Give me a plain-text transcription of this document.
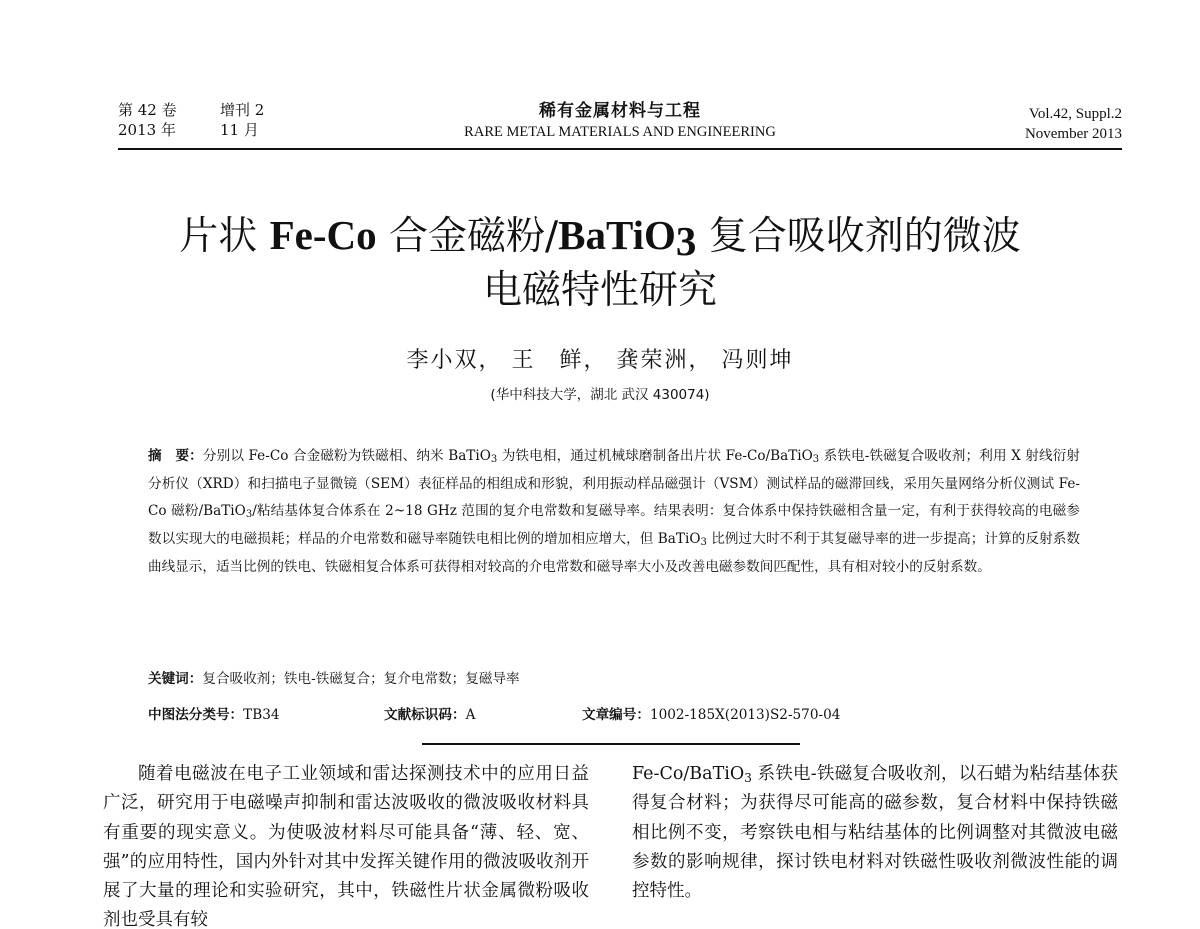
第 42 卷	增刊 2
2013 年	11 月
稀有金属材料与工程
RARE METAL MATERIALS AND ENGINEERING
Vol.42, Suppl.2
November 2013
片状 Fe-Co 合金磁粉/BaTiO$_3$ 复合吸收剂的微波
电磁特性研究
李小双， 王　鲜， 龚荣洲， 冯则坤
(华中科技大学，湖北 武汉 430074)
摘　要：分别以 Fe-Co 合金磁粉为铁磁相、纳米 BaTiO$_3$ 为铁电相，通过机械球磨制备出片状 Fe-Co/BaTiO$_3$ 系铁电-铁磁复合吸收剂；利用 X 射线衍射分析仪（XRD）和扫描电子显微镜（SEM）表征样品的相组成和形貌，利用振动样品磁强计（VSM）测试样品的磁滞回线，采用矢量网络分析仪测试 Fe-Co 磁粉/BaTiO$_3$/粘结基体复合体系在 2~18 GHz 范围的复介电常数和复磁导率。结果表明：复合体系中保持铁磁相含量一定，有利于获得较高的电磁参数以实现大的电磁损耗；样品的介电常数和磁导率随铁电相比例的增加相应增大，但 BaTiO$_3$ 比例过大时不利于其复磁导率的进一步提高；计算的反射系数曲线显示，适当比例的铁电、铁磁相复合体系可获得相对较高的介电常数和磁导率大小及改善电磁参数间匹配性，具有相对较小的反射系数。
关键词：复合吸收剂；铁电-铁磁复合；复介电常数；复磁导率
中图法分类号：TB34	文献标识码：A	文章编号：1002-185X(2013)S2-570-04

随着电磁波在电子工业领域和雷达探测技术中的应用日益广泛，研究用于电磁噪声抑制和雷达波吸收的微波吸收材料具有重要的现实意义。为使吸波材料尽可能具备“薄、轻、宽、强”的应用特性，国内外针对其中发挥关键作用的微波吸收剂开展了大量的理论和实验研究，其中，铁磁性片状金属微粉吸收剂也受具有较

Fe-Co/BaTiO$_3$ 系铁电-铁磁复合吸收剂，以石蜡为粘结基体获得复合材料；为获得尽可能高的磁参数，复合材料中保持铁磁相比例不变，考察铁电相与粘结基体的比例调整对其微波电磁参数的影响规律，探讨铁电材料对铁磁性吸收剂微波性能的调控特性。
